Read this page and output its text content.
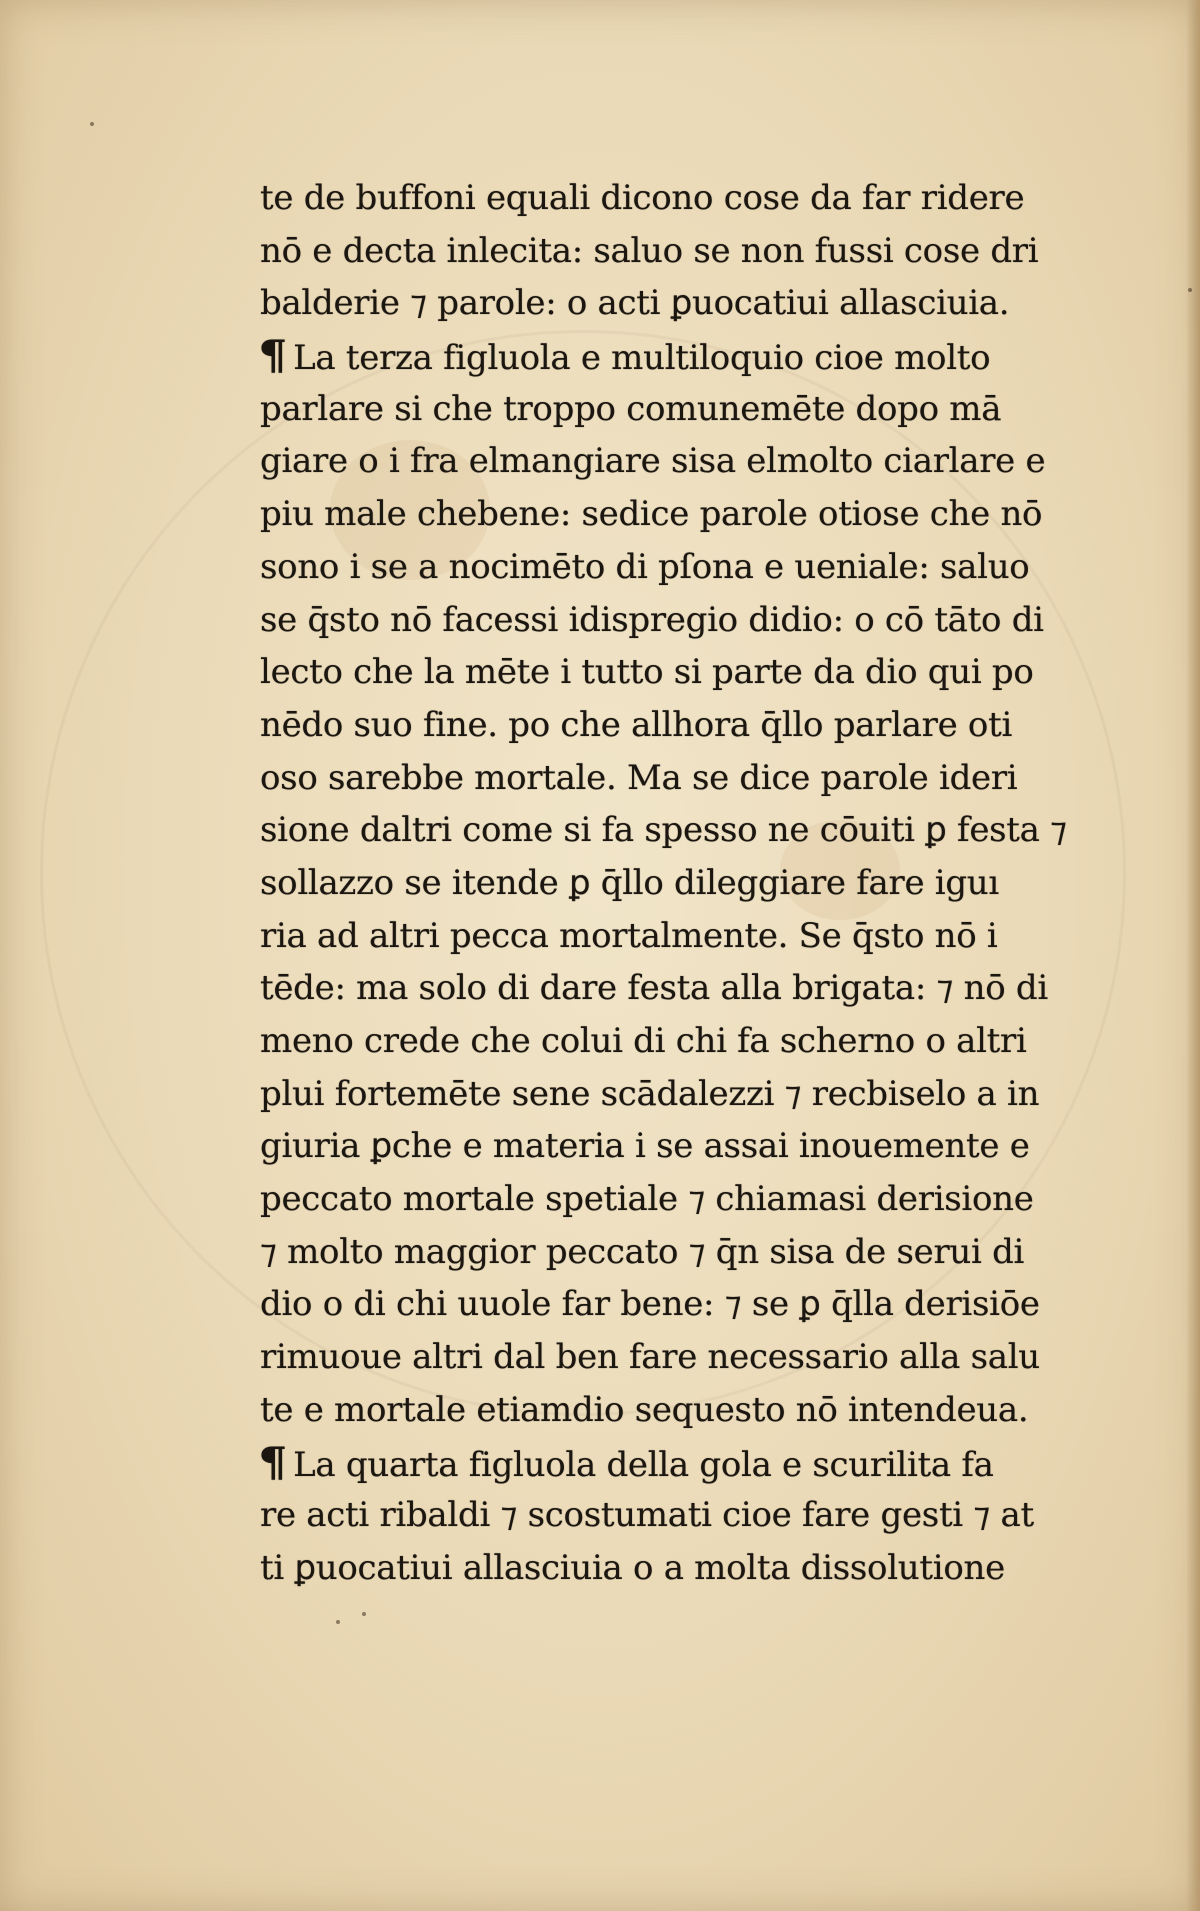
te de buffoni equali dicono cose da far ridere
nō e decta inlecita: saluo se non fussi cose dri
balderie ⁊ parole: o acti ꝑuocatiui allasciuia.
¶ La terza figluola e multiloquio cioe molto
parlare si che troppo comunemēte dopo mā
giare o i fra elmangiare sisa elmolto ciarlare e
piu male chebene: sedice parole otiose che nō
sono i se a nocimēto di pſona e ueniale: saluo
se q̄sto nō facessi idispregio didio: o cō tāto di
lecto che la mēte i tutto si parte da dio qui po
nēdo suo fine. po che allhora q̄llo parlare oti
oso sarebbe mortale. Ma se dice parole ideri
sione daltri come si fa spesso ne cōuiti ꝑ festa ⁊
sollazzo se itende ꝑ q̄llo dileggiare fare iguı
ria ad altri pecca mortalmente. Se q̄sto nō i
tēde: ma solo di dare festa alla brigata: ⁊ nō di
meno crede che colui di chi fa scherno o altri
plui fortemēte sene scādalezzi ⁊ recbiselo a in
giuria ꝑche e materia i se assai inouemente e
peccato mortale spetiale ⁊ chiamasi derisione
⁊ molto maggior peccato ⁊ q̄n sisa de serui di
dio o di chi uuole far bene: ⁊ se ꝑ q̄lla derisiōe
rimuoue altri dal ben fare necessario alla salu
te e mortale etiamdio sequesto nō intendeua.
¶ La quarta figluola della gola e scurilita fa
re acti ribaldi ⁊ scostumati cioe fare gesti ⁊ at
ti ꝑuocatiui allasciuia o a molta dissolutione
